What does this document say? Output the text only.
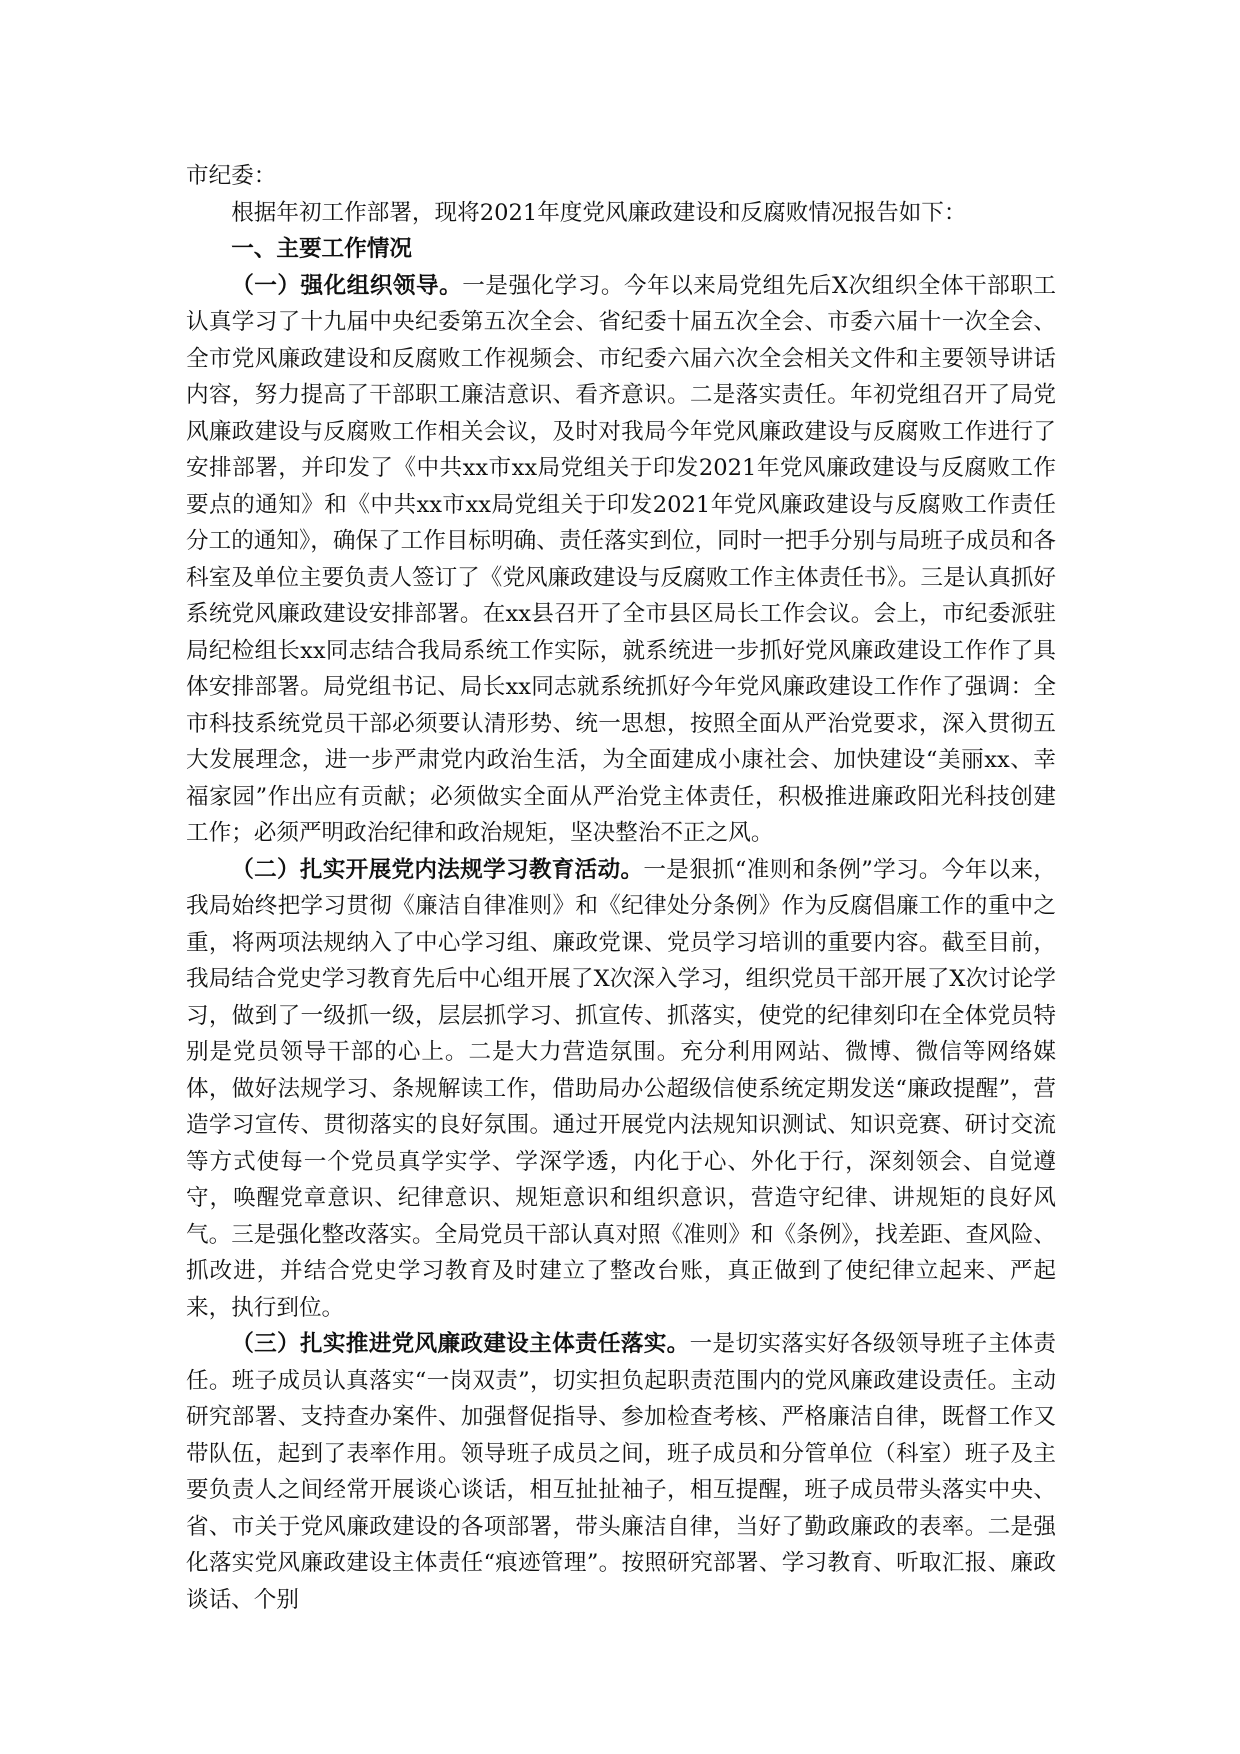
市纪委：

根据年初工作部署，现将2021年度党风廉政建设和反腐败情况报告如下：

一、主要工作情况

（一）强化组织领导。一是强化学习。今年以来局党组先后X次组织全体干部职工认真学习了十九届中央纪委第五次全会、省纪委十届五次全会、市委六届十一次全会、全市党风廉政建设和反腐败工作视频会、市纪委六届六次全会相关文件和主要领导讲话内容，努力提高了干部职工廉洁意识、看齐意识。二是落实责任。年初党组召开了局党风廉政建设与反腐败工作相关会议，及时对我局今年党风廉政建设与反腐败工作进行了安排部署，并印发了《中共xx市xx局党组关于印发2021年党风廉政建设与反腐败工作要点的通知》和《中共xx市xx局党组关于印发2021年党风廉政建设与反腐败工作责任分工的通知》，确保了工作目标明确、责任落实到位，同时一把手分别与局班子成员和各科室及单位主要负责人签订了《党风廉政建设与反腐败工作主体责任书》。三是认真抓好系统党风廉政建设安排部署。在xx县召开了全市县区局长工作会议。会上，市纪委派驻局纪检组长xx同志结合我局系统工作实际，就系统进一步抓好党风廉政建设工作作了具体安排部署。局党组书记、局长xx同志就系统抓好今年党风廉政建设工作作了强调：全市科技系统党员干部必须要认清形势、统一思想，按照全面从严治党要求，深入贯彻五大发展理念，进一步严肃党内政治生活，为全面建成小康社会、加快建设“美丽xx、幸福家园”作出应有贡献；必须做实全面从严治党主体责任，积极推进廉政阳光科技创建工作；必须严明政治纪律和政治规矩，坚决整治不正之风。

（二）扎实开展党内法规学习教育活动。一是狠抓“准则和条例”学习。今年以来，我局始终把学习贯彻《廉洁自律准则》和《纪律处分条例》作为反腐倡廉工作的重中之重，将两项法规纳入了中心学习组、廉政党课、党员学习培训的重要内容。截至目前，我局结合党史学习教育先后中心组开展了X次深入学习，组织党员干部开展了X次讨论学习，做到了一级抓一级，层层抓学习、抓宣传、抓落实，使党的纪律刻印在全体党员特别是党员领导干部的心上。二是大力营造氛围。充分利用网站、微博、微信等网络媒体，做好法规学习、条规解读工作，借助局办公超级信使系统定期发送“廉政提醒”，营造学习宣传、贯彻落实的良好氛围。通过开展党内法规知识测试、知识竞赛、研讨交流等方式使每一个党员真学实学、学深学透，内化于心、外化于行，深刻领会、自觉遵守，唤醒党章意识、纪律意识、规矩意识和组织意识，营造守纪律、讲规矩的良好风气。三是强化整改落实。全局党员干部认真对照《准则》和《条例》，找差距、查风险、抓改进，并结合党史学习教育及时建立了整改台账，真正做到了使纪律立起来、严起来，执行到位。

（三）扎实推进党风廉政建设主体责任落实。一是切实落实好各级领导班子主体责任。班子成员认真落实“一岗双责”，切实担负起职责范围内的党风廉政建设责任。主动研究部署、支持查办案件、加强督促指导、参加检查考核、严格廉洁自律，既督工作又带队伍，起到了表率作用。领导班子成员之间，班子成员和分管单位（科室）班子及主要负责人之间经常开展谈心谈话，相互扯扯袖子，相互提醒，班子成员带头落实中央、省、市关于党风廉政建设的各项部署，带头廉洁自律，当好了勤政廉政的表率。二是强化落实党风廉政建设主体责任“痕迹管理”。按照研究部署、学习教育、听取汇报、廉政谈话、个别
